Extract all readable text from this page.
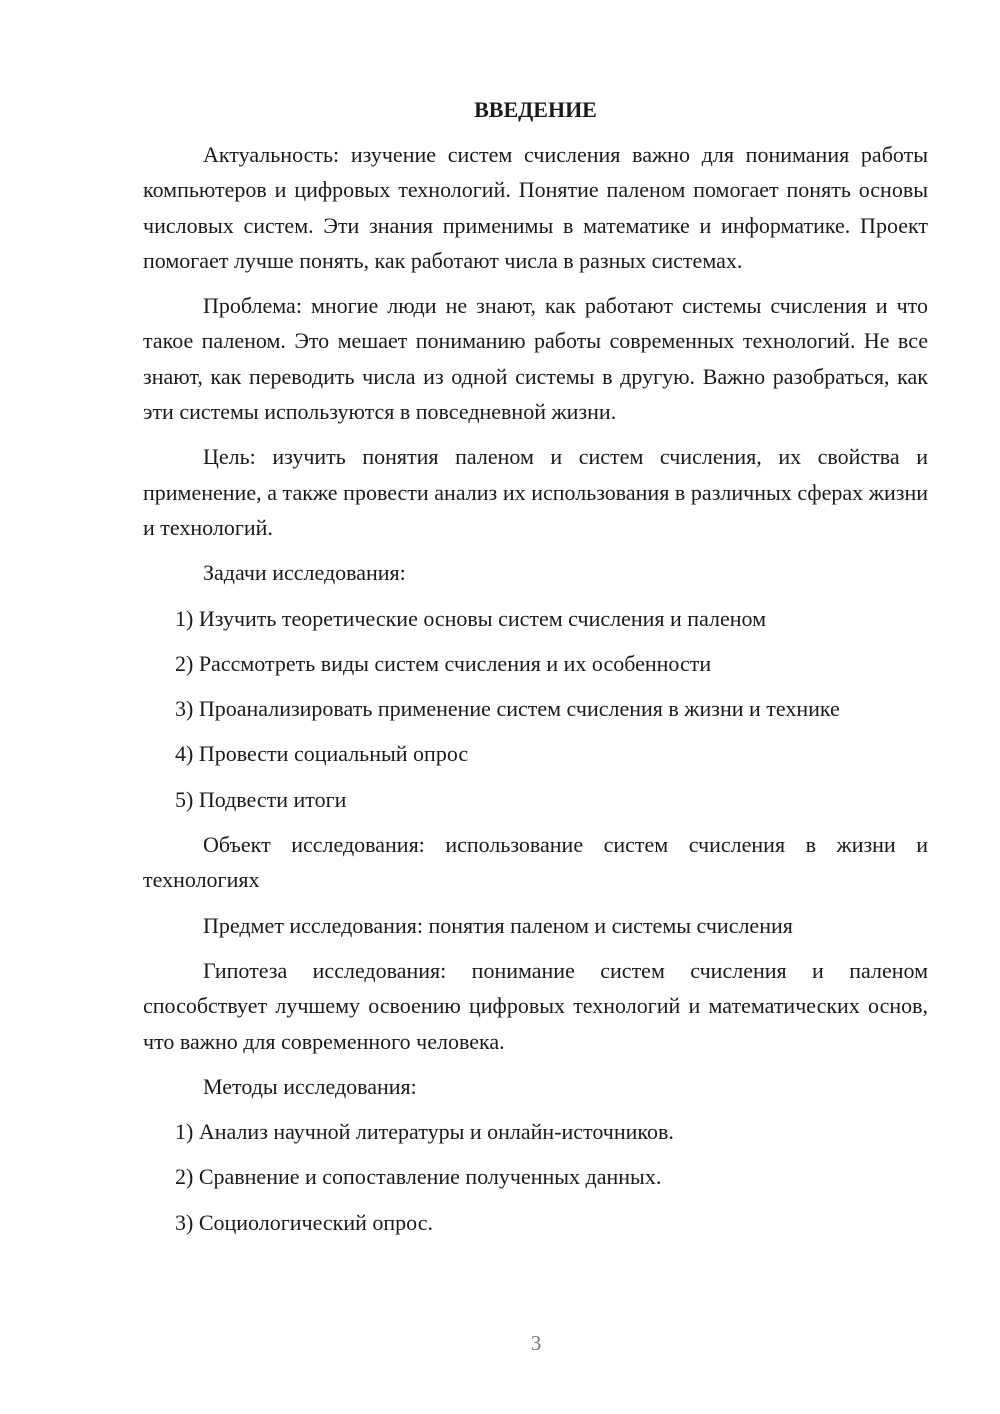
ВВЕДЕНИЕ

Актуальность: изучение систем счисления важно для понимания работы компьютеров и цифровых технологий. Понятие паленом помогает понять основы числовых систем. Эти знания применимы в математике и информатике. Проект помогает лучше понять, как работают числа в разных системах.

Проблема: многие люди не знают, как работают системы счисления и что такое паленом. Это мешает пониманию работы современных технологий. Не все знают, как переводить числа из одной системы в другую. Важно разобраться, как эти системы используются в повседневной жизни.

Цель: изучить понятия паленом и систем счисления, их свойства и применение, а также провести анализ их использования в различных сферах жизни и технологий.

Задачи исследования:

1) Изучить теоретические основы систем счисления и паленом
2) Рассмотреть виды систем счисления и их особенности
3) Проанализировать применение систем счисления в жизни и технике
4) Провести социальный опрос
5) Подвести итоги

Объект исследования: использование систем счисления в жизни и технологиях

Предмет исследования: понятия паленом и системы счисления

Гипотеза исследования: понимание систем счисления и паленом способствует лучшему освоению цифровых технологий и математических основ, что важно для современного человека.

Методы исследования:

1) Анализ научной литературы и онлайн-источников.
2) Сравнение и сопоставление полученных данных.
3) Социологический опрос.
3
